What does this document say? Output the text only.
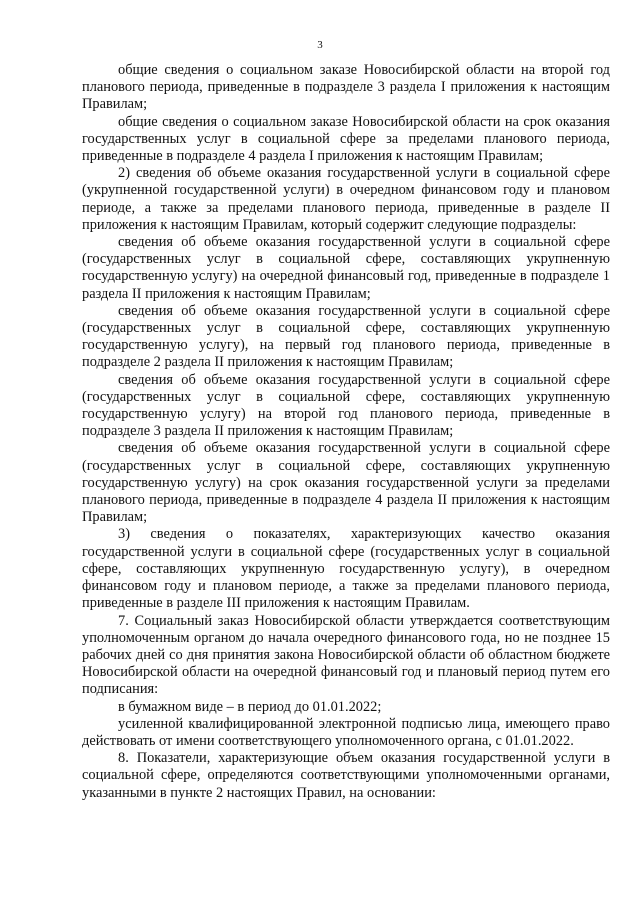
3

общие сведения о социальном заказе Новосибирской области на второй год планового периода, приведенные в подразделе 3 раздела I приложения к настоящим Правилам;

общие сведения о социальном заказе Новосибирской области на срок оказания государственных услуг в социальной сфере за пределами планового периода, приведенные в подразделе 4 раздела I приложения к настоящим Правилам;

2) сведения об объеме оказания государственной услуги в социальной сфере (укрупненной государственной услуги) в очередном финансовом году и плановом периоде, а также за пределами планового периода, приведенные в разделе II приложения к настоящим Правилам, который содержит следующие подразделы:

сведения об объеме оказания государственной услуги в социальной сфере (государственных услуг в социальной сфере, составляющих укрупненную государственную услугу) на очередной финансовый год, приведенные в подразделе 1 раздела II приложения к настоящим Правилам;

сведения об объеме оказания государственной услуги в социальной сфере (государственных услуг в социальной сфере, составляющих укрупненную государственную услугу), на первый год планового периода, приведенные в подразделе 2 раздела II приложения к настоящим Правилам;

сведения об объеме оказания государственной услуги в социальной сфере (государственных услуг в социальной сфере, составляющих укрупненную государственную услугу) на второй год планового периода, приведенные в подразделе 3 раздела II приложения к настоящим Правилам;

сведения об объеме оказания государственной услуги в социальной сфере (государственных услуг в социальной сфере, составляющих укрупненную государственную услугу) на срок оказания государственной услуги за пределами планового периода, приведенные в подразделе 4 раздела II приложения к настоящим Правилам;

3) сведения о показателях, характеризующих качество оказания государственной услуги в социальной сфере (государственных услуг в социальной сфере, составляющих укрупненную государственную услугу), в очередном финансовом году и плановом периоде, а также за пределами планового периода, приведенные в разделе III приложения к настоящим Правилам.

7. Социальный заказ Новосибирской области утверждается соответствующим уполномоченным органом до начала очередного финансового года, но не позднее 15 рабочих дней со дня принятия закона Новосибирской области об областном бюджете Новосибирской области на очередной финансовый год и плановый период путем его подписания:

в бумажном виде – в период до 01.01.2022;

усиленной квалифицированной электронной подписью лица, имеющего право действовать от имени соответствующего уполномоченного органа, с 01.01.2022.

8. Показатели, характеризующие объем оказания государственной услуги в социальной сфере, определяются соответствующими уполномоченными органами, указанными в пункте 2 настоящих Правил, на основании:
